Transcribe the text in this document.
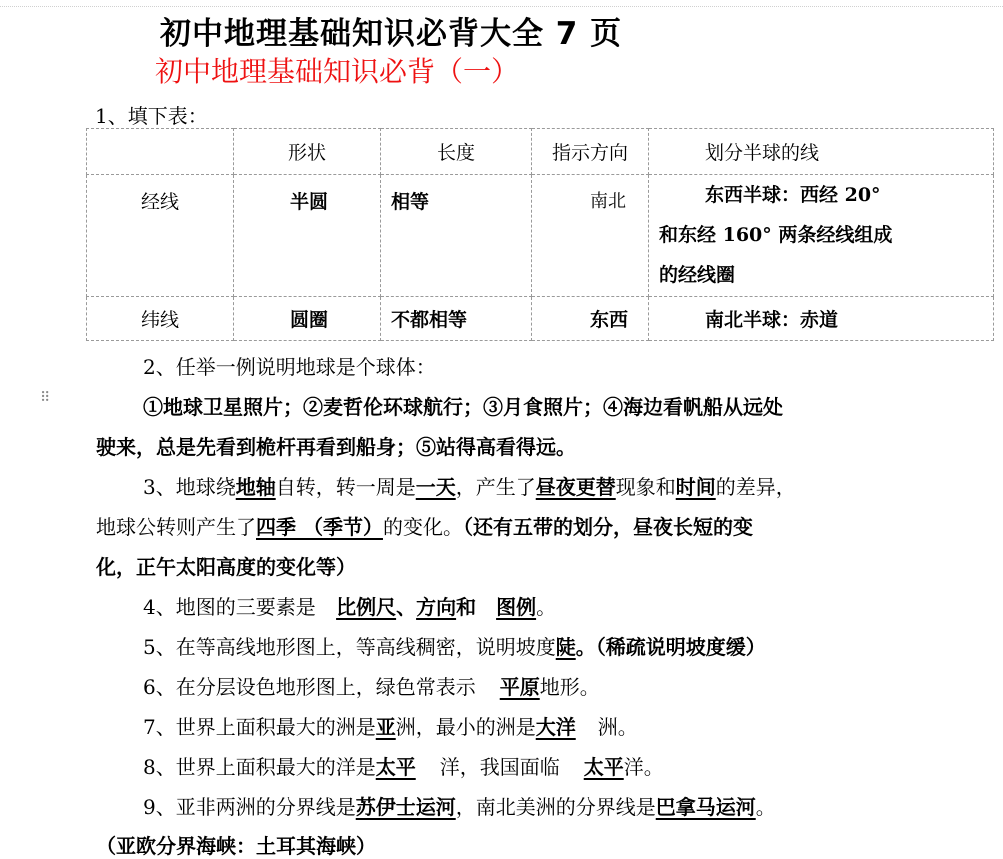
初中地理基础知识必背大全 7 页
初中地理基础知识必背（一）
1、填下表：
	形状	长度	指示方向	划分半球的线
经线	半圆	相等	南北	东西半球：西经 20°
和东经 160° 两条经线组成
的经线圈

纬线	圆圈	不都相等	东西	南北半球：赤道
2、任举一例说明地球是个球体：
⠿	①地球卫星照片；②麦哲伦环球航行；③月食照片；④海边看帆船从远处
驶来，总是先看到桅杆再看到船身；⑤站得高看得远。
3、地球绕地轴自转，转一周是一天，产生了昼夜更替现象和时间的差异，
地球公转则产生了四季 （季节）的变化。（还有五带的划分，昼夜长短的变
化，正午太阳高度的变化等）
4、地图的三要素是 比例尺、方向和 图例。
5、在等高线地形图上，等高线稠密，说明坡度陡。（稀疏说明坡度缓）
6、在分层设色地形图上，绿色常表示 平原地形。
7、世界上面积最大的洲是亚洲，最小的洲是大洋 洲。
8、世界上面积最大的洋是太平 洋，我国面临 太平洋。
9、亚非两洲的分界线是苏伊士运河，南北美洲的分界线是巴拿马运河。
（亚欧分界海峡：土耳其海峡）
